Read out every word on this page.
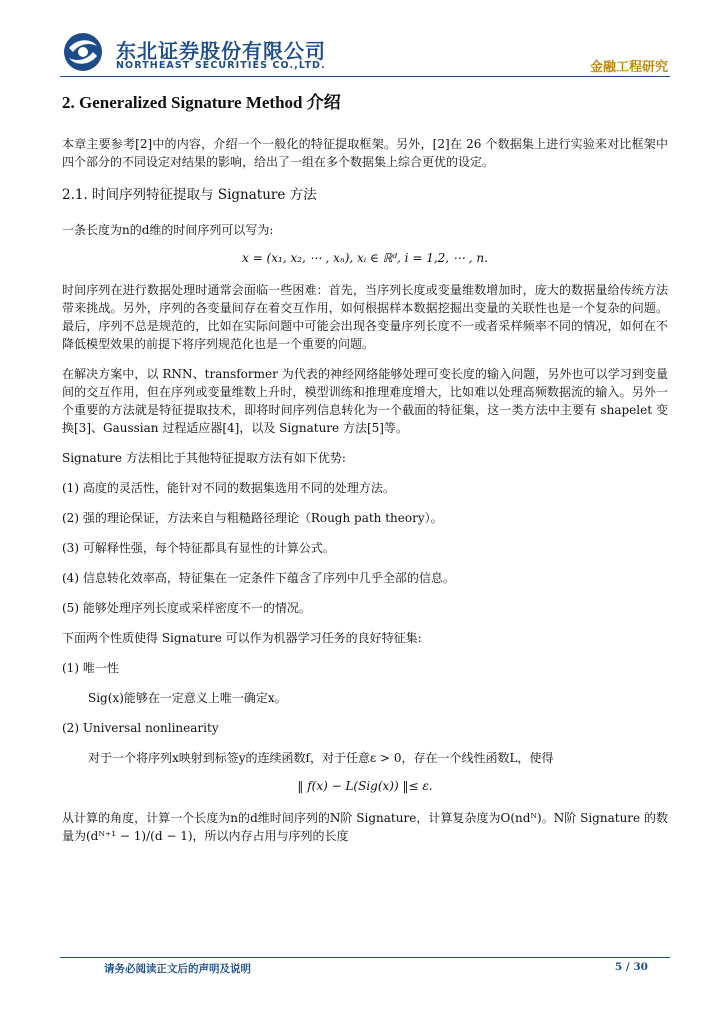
东北证券股份有限公司
NORTHEAST SECURITIES CO.,LTD.	金融工程研究
2. Generalized Signature Method 介绍

本章主要参考[2]中的内容，介绍一个一般化的特征提取框架。另外，[2]在 26 个数据集上进行实验来对比框架中四个部分的不同设定对结果的影响，给出了一组在多个数据集上综合更优的设定。

2.1. 时间序列特征提取与 Signature 方法

一条长度为n的d维的时间序列可以写为:

x = (x₁, x₂, ⋯ , xₙ), xᵢ ∈ ℝᵈ, i = 1,2, ⋯ , n.

时间序列在进行数据处理时通常会面临一些困难：首先，当序列长度或变量维数增加时，庞大的数据量给传统方法带来挑战。另外，序列的各变量间存在着交互作用，如何根据样本数据挖掘出变量的关联性也是一个复杂的问题。最后，序列不总是规范的，比如在实际问题中可能会出现各变量序列长度不一或者采样频率不同的情况，如何在不降低模型效果的前提下将序列规范化也是一个重要的问题。

在解决方案中，以 RNN、transformer 为代表的神经网络能够处理可变长度的输入问题，另外也可以学习到变量间的交互作用，但在序列或变量维数上升时，模型训练和推理难度增大，比如难以处理高频数据流的输入。另外一个重要的方法就是特征提取技术，即将时间序列信息转化为一个截面的特征集，这一类方法中主要有 shapelet 变换[3]、Gaussian 过程适应器[4]，以及 Signature 方法[5]等。

Signature 方法相比于其他特征提取方法有如下优势:

(1) 高度的灵活性，能针对不同的数据集选用不同的处理方法。
(2) 强的理论保证，方法来自与粗糙路径理论（Rough path theory）。
(3) 可解释性强，每个特征都具有显性的计算公式。
(4) 信息转化效率高，特征集在一定条件下蕴含了序列中几乎全部的信息。
(5) 能够处理序列长度或采样密度不一的情况。

下面两个性质使得 Signature 可以作为机器学习任务的良好特征集:

(1) 唯一性
Sig(x)能够在一定意义上唯一确定x。
(2) Universal nonlinearity
对于一个将序列x映射到标签y的连续函数f，对于任意ε > 0，存在一个线性函数L，使得
‖ f(x) − L(Sig(x)) ‖≤ ε.

从计算的角度，计算一个长度为n的d维时间序列的N阶 Signature，计算复杂度为O(ndᴺ)。N阶 Signature 的数量为(dᴺ⁺¹ − 1)/(d − 1)，所以内存占用与序列的长度

请务必阅读正文后的声明及说明	5 / 30
